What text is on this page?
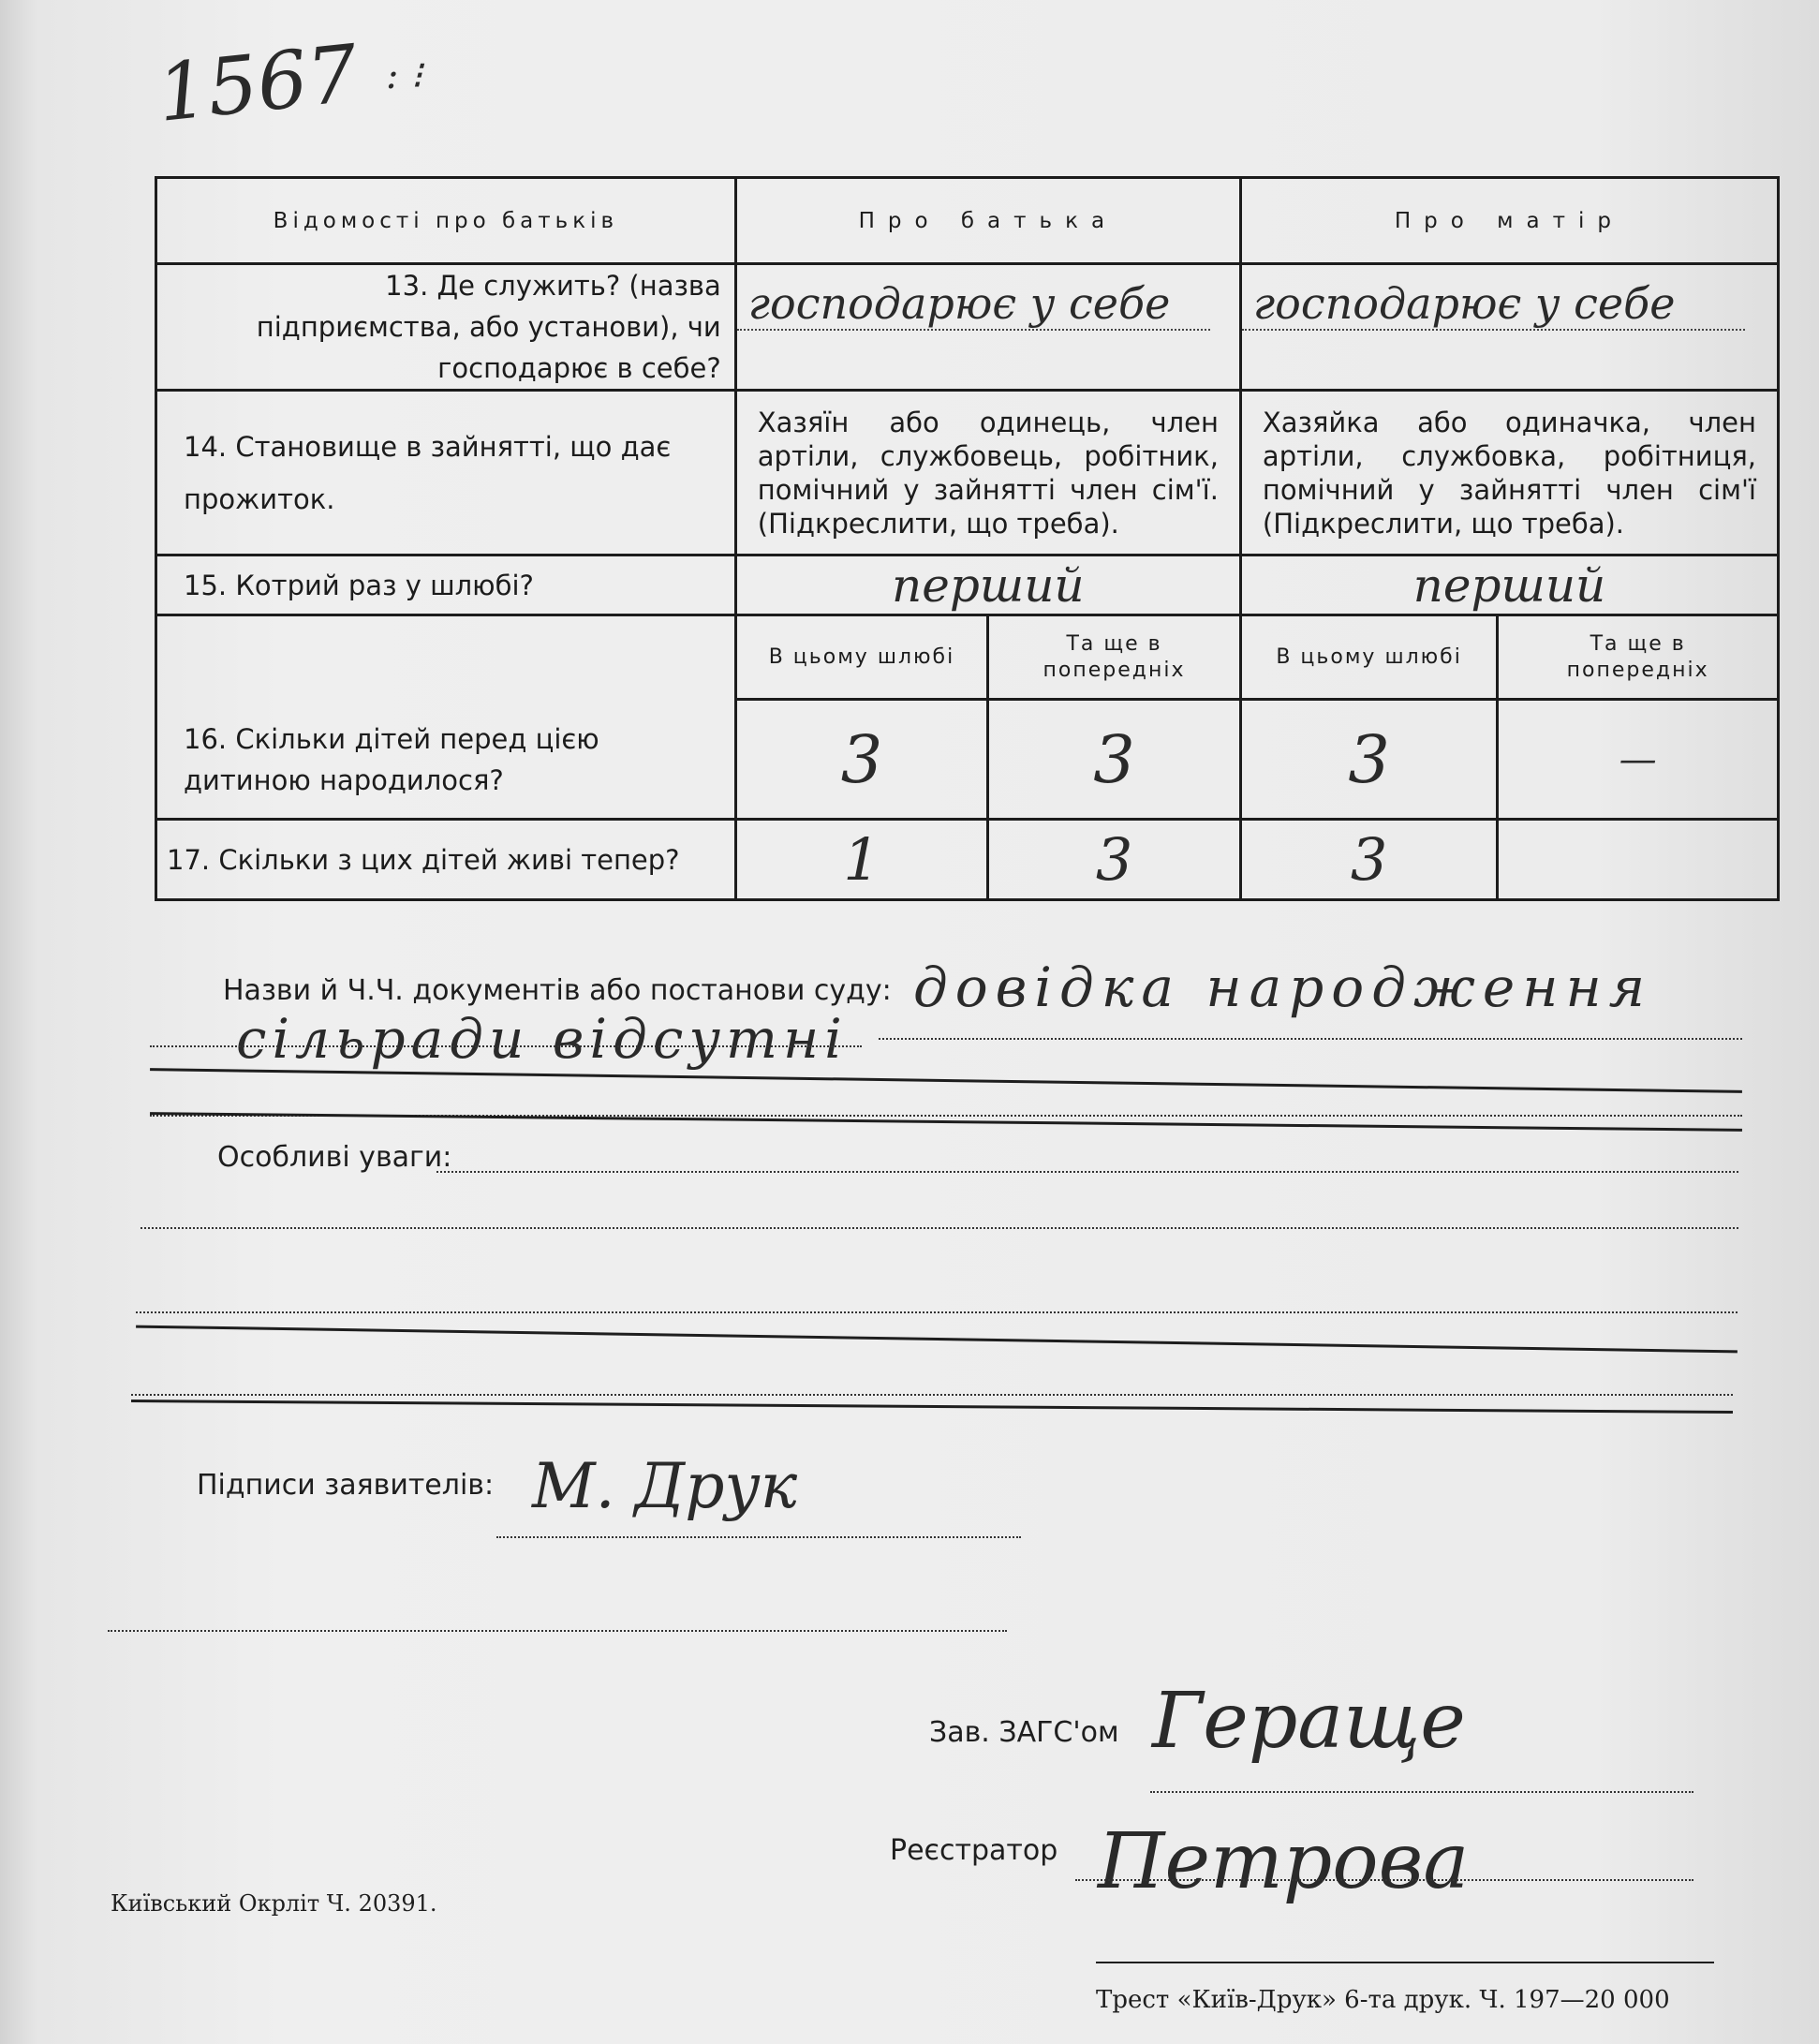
1567 : ⁝
Відомості про батьків	Про батька		Про матір	

13. Де служить? (назва підприємства, або установи), чи господарює в себе?	господарює у себе		господарює у себе	

14. Становище в зайнятті, що дає прожиток.	Хазяїн або одинець, член артіли, службовець, робітник, помічний у зайнятті член сім'ї. (Підкреслити, що треба).		Хазяйка або одиначка, член артіли, службовка, робітниця, помічний у зайнятті член сім'ї (Підкреслити, що треба).	

15. Котрий раз у шлюбі?	перший		перший	

16. Скільки дітей перед цією дитиною народилося?	В цьому шлюбі	Та ще в попередніх	В цьому шлюбі	Та ще в попередніх
	3	3	3	—

17. Скільки з цих дітей живі тепер?	1	3	3	
Назви й Ч.Ч. документів або постанови суду: довідка народження
сільради відсутні
Особливі уваги:
Підписи заявителів: М. Друк
Зав. ЗАГС'ом Гераще
Реєстратор Петрова
Київський Окрліт Ч. 20391.
Трест «Київ-Друк» 6-та друк. Ч. 197—20 000
